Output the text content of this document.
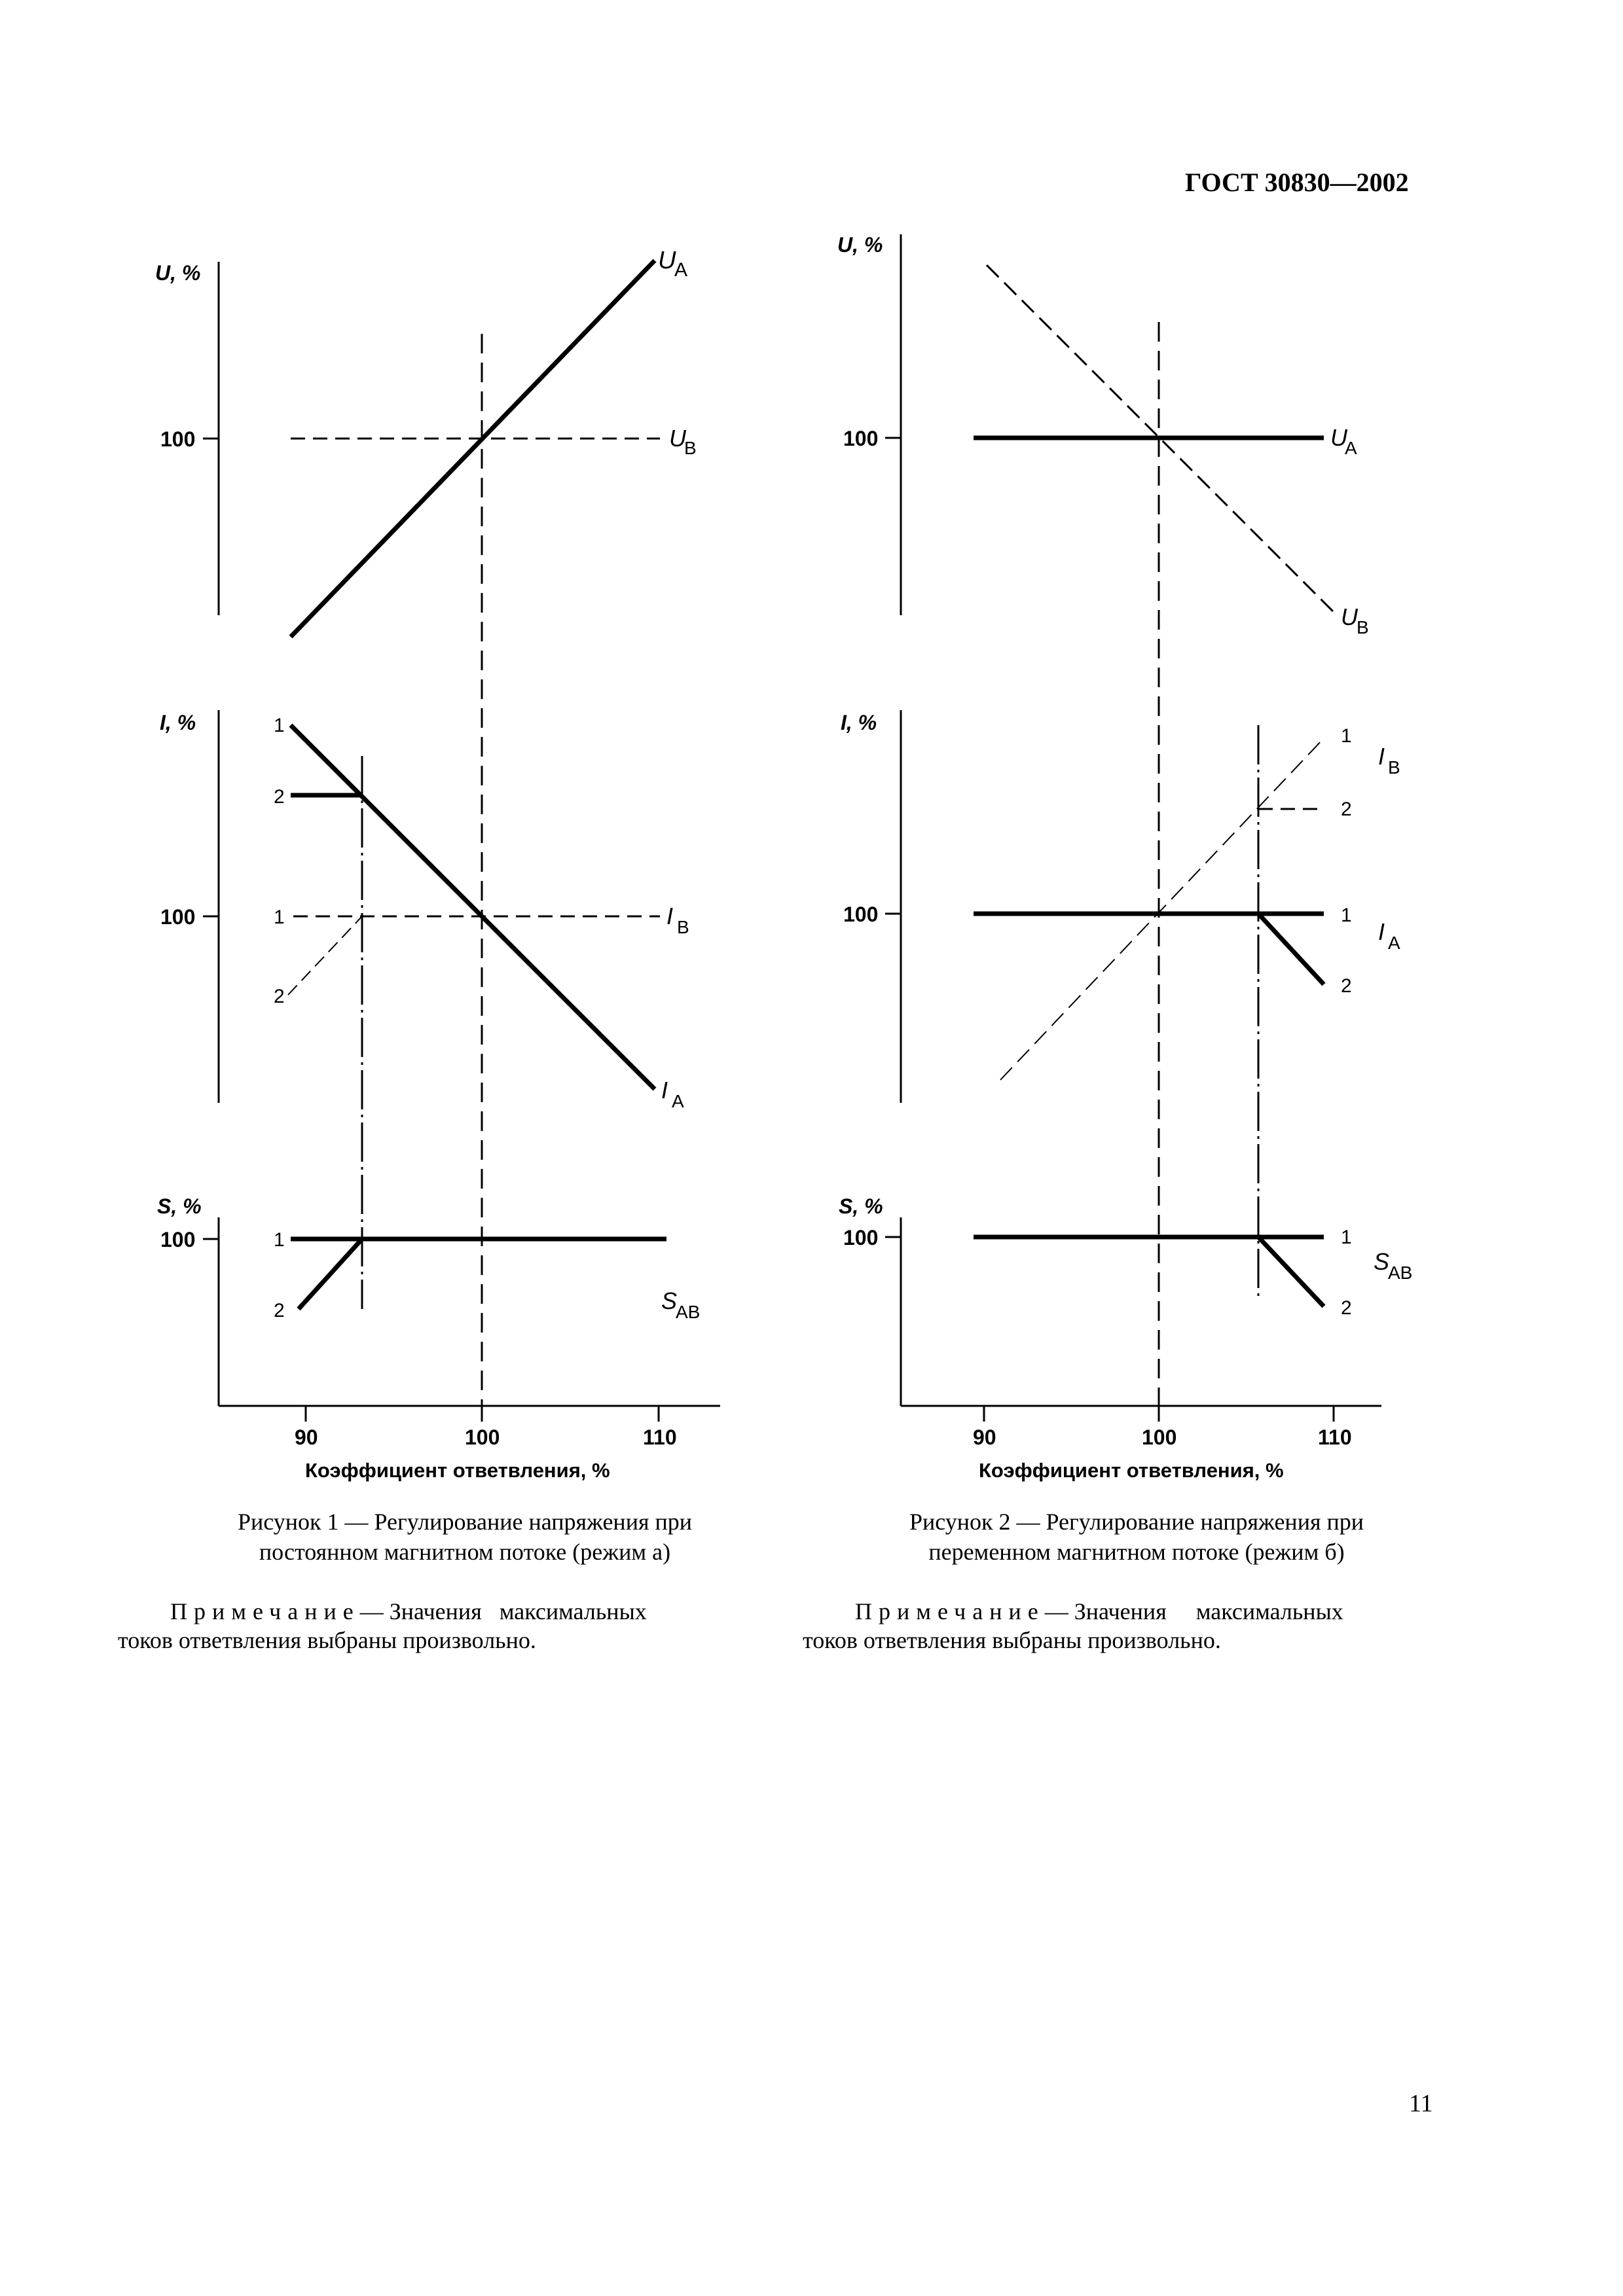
ГОСТ 30830—2002
U, %
100
U
A
U
B
I, %
100
1
2
1
2
I B
I A
S, %
100	1
2	S
AB
90	100	110
Коэффициент ответвления, %
U, %
100	U
A
U
B
I, %
100
1
2
I B
1
2
I A
S, %
100	1
2
S
AB
90	100	110
Коэффициент ответвления, %
Рисунок 1 — Регулирование напряжения при
постоянном магнитном потоке (режим а)
Рисунок 2 — Регулирование напряжения при
переменном магнитном потоке (режим б)
Примечание— Значения   максимальных
токов ответвления выбраны произвольно.
Примечание— Значения     максимальных
токов ответвления выбраны произвольно.
11
